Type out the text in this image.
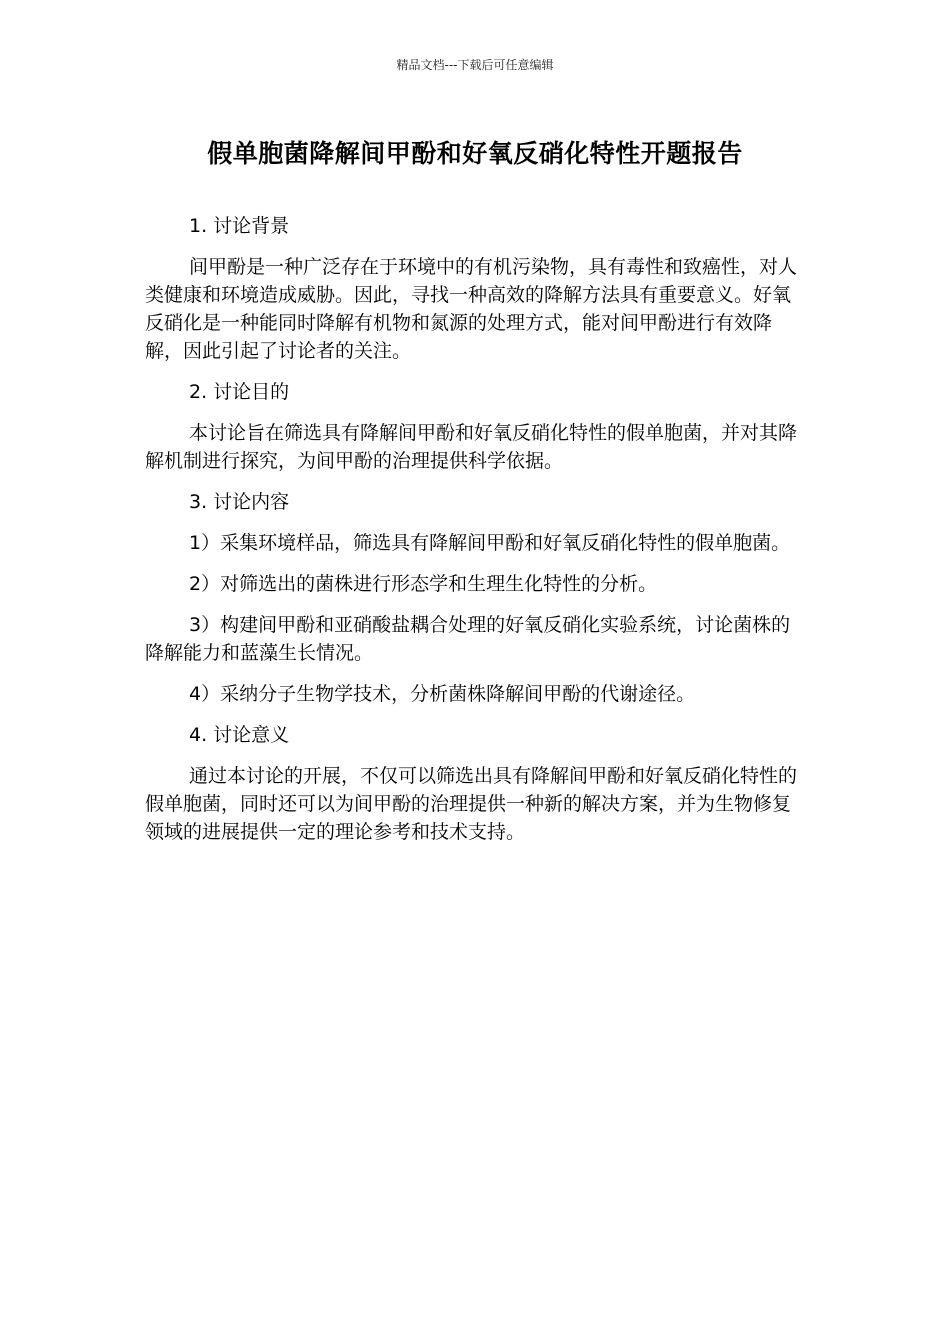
精品文档---下载后可任意编辑
假单胞菌降解间甲酚和好氧反硝化特性开题报告

1. 讨论背景

间甲酚是一种广泛存在于环境中的有机污染物，具有毒性和致癌性，对人类健康和环境造成威胁。因此，寻找一种高效的降解方法具有重要意义。好氧反硝化是一种能同时降解有机物和氮源的处理方式，能对间甲酚进行有效降解，因此引起了讨论者的关注。

2. 讨论目的

本讨论旨在筛选具有降解间甲酚和好氧反硝化特性的假单胞菌，并对其降解机制进行探究，为间甲酚的治理提供科学依据。

3. 讨论内容

1）采集环境样品，筛选具有降解间甲酚和好氧反硝化特性的假单胞菌。

2）对筛选出的菌株进行形态学和生理生化特性的分析。

3）构建间甲酚和亚硝酸盐耦合处理的好氧反硝化实验系统，讨论菌株的降解能力和蓝藻生长情况。

4）采纳分子生物学技术，分析菌株降解间甲酚的代谢途径。

4. 讨论意义

通过本讨论的开展，不仅可以筛选出具有降解间甲酚和好氧反硝化特性的假单胞菌，同时还可以为间甲酚的治理提供一种新的解决方案，并为生物修复领域的进展提供一定的理论参考和技术支持。
